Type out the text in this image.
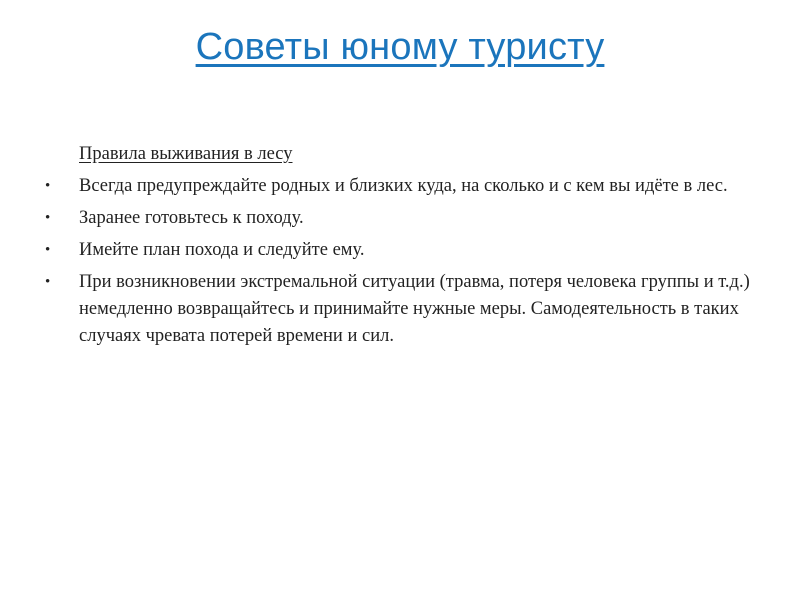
Советы юному туристу
Правила выживания в лесу
• Всегда предупреждайте родных и близких куда, на сколько и с кем вы идёте в лес.
• Заранее готовьтесь к походу.
• Имейте план похода и следуйте ему.
• При возникновении экстремальной ситуации (травма, потеря человека группы и т.д.) немедленно возвращайтесь и принимайте нужные меры. Самодеятельность в таких случаях чревата потерей времени и сил.
